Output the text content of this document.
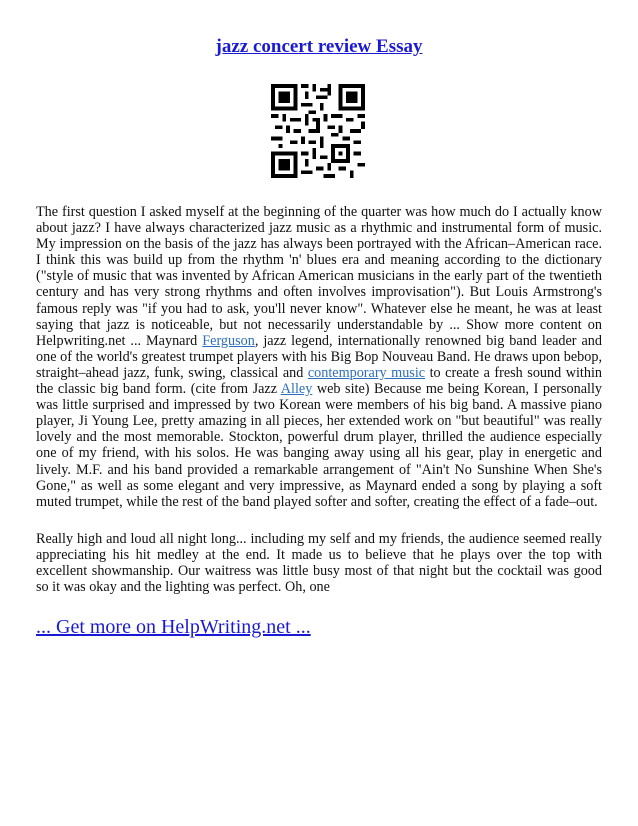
jazz concert review Essay

The first question I asked myself at the beginning of the quarter was how much do I actually know about jazz? I have always characterized jazz music as a rhythmic and instrumental form of music. My impression on the basis of the jazz has always been portrayed with the African–American race. I think this was build up from the rhythm 'n' blues era and meaning according to the dictionary ("style of music that was invented by African American musicians in the early part of the twentieth century and has very strong rhythms and often involves improvisation"). But Louis Armstrong's famous reply was "if you had to ask, you'll never know". Whatever else he meant, he was at least saying that jazz is noticeable, but not necessarily understandable by ... Show more content on Helpwriting.net ... Maynard Ferguson, jazz legend, internationally renowned big band leader and one of the world's greatest trumpet players with his Big Bop Nouveau Band. He draws upon bebop, straight–ahead jazz, funk, swing, classical and contemporary music to create a fresh sound within the classic big band form. (cite from Jazz Alley web site) Because me being Korean, I personally was little surprised and impressed by two Korean were members of his big band. A massive piano player, Ji Young Lee, pretty amazing in all pieces, her extended work on "but beautiful" was really lovely and the most memorable. Stockton, powerful drum player, thrilled the audience especially one of my friend, with his solos. He was banging away using all his gear, play in energetic and lively. M.F. and his band provided a remarkable arrangement of "Ain't No Sunshine When She's Gone," as well as some elegant and very impressive, as Maynard ended a song by playing a soft muted trumpet, while the rest of the band played softer and softer, creating the effect of a fade–out.

Really high and loud all night long... including my self and my friends, the audience seemed really appreciating his hit medley at the end. It made us to believe that he plays over the top with excellent showmanship. Our waitress was little busy most of that night but the cocktail was good so it was okay and the lighting was perfect. Oh, one

... Get more on HelpWriting.net ...
